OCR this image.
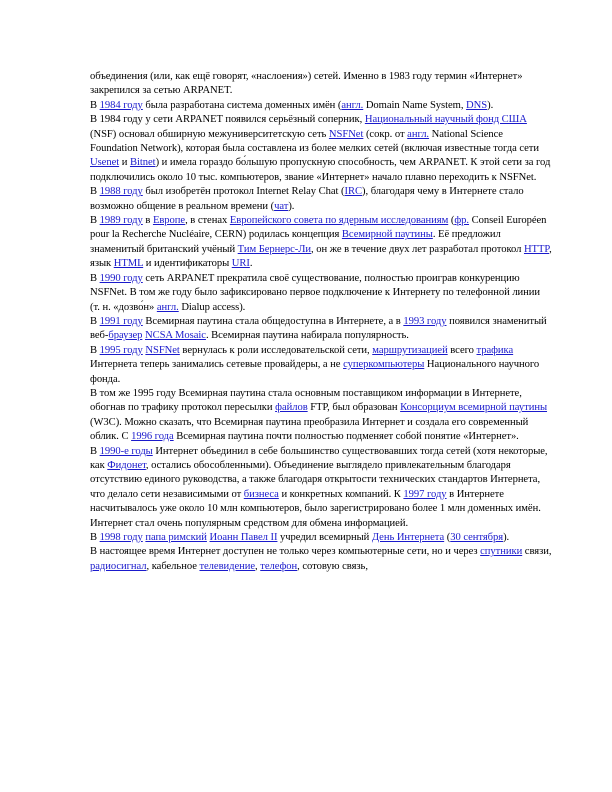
объединения (или, как ещё говорят, «наслоения») сетей. Именно в 1983 году термин «Интернет» закрепился за сетью ARPANET.

В 1984 году была разработана система доменных имён (англ. Domain Name System, DNS).

В 1984 году у сети ARPANET появился серьёзный соперник, Национальный научный фонд США (NSF) основал обширную межуниверситетскую сеть NSFNet (сокр. от англ. National Science Foundation Network), которая была составлена из более мелких сетей (включая известные тогда сети Usenet и Bitnet) и имела гораздо бо́льшую пропускную способность, чем ARPANET. К этой сети за год подключились около 10 тыс. компьютеров, звание «Интернет» начало плавно переходить к NSFNet.

В 1988 году был изобретён протокол Internet Relay Chat (IRC), благодаря чему в Интернете стало возможно общение в реальном времени (чат).

В 1989 году в Европе, в стенах Европейского совета по ядерным исследованиям (фр. Conseil Européen pour la Recherche Nucléaire, CERN) родилась концепция Всемирной паутины. Её предложил знаменитый британский учёный Тим Бернерс-Ли, он же в течение двух лет разработал протокол HTTP, язык HTML и идентификаторы URI.

В 1990 году сеть ARPANET прекратила своё существование, полностью проиграв конкуренцию NSFNet. В том же году было зафиксировано первое подключение к Интернету по телефонной линии (т. н. «дозво́н» англ. Dialup access).

В 1991 году Всемирная паутина стала общедоступна в Интернете, а в 1993 году появился знаменитый веб-браузер NCSA Mosaic. Всемирная паутина набирала популярность.

В 1995 году NSFNet вернулась к роли исследовательской сети, маршрутизацией всего трафика Интернета теперь занимались сетевые провайдеры, а не суперкомпьютеры Национального научного фонда.

В том же 1995 году Всемирная паутина стала основным поставщиком информации в Интернете, обогнав по трафику протокол пересылки файлов FTP, был образован Консорциум всемирной паутины (W3C). Можно сказать, что Всемирная паутина преобразила Интернет и создала его современный облик. С 1996 года Всемирная паутина почти полностью подменяет собой понятие «Интернет».

В 1990-е годы Интернет объединил в себе большинство существовавших тогда сетей (хотя некоторые, как Фидонет, остались обособленными). Объединение выглядело привлекательным благодаря отсутствию единого руководства, а также благодаря открытости технических стандартов Интернета, что делало сети независимыми от бизнеса и конкретных компаний. К 1997 году в Интернете насчитывалось уже около 10 млн компьютеров, было зарегистрировано более 1 млн доменных имён. Интернет стал очень популярным средством для обмена информацией.

В 1998 году папа римский Иоанн Павел II учредил всемирный День Интернета (30 сентября).

В настоящее время Интернет доступен не только через компьютерные сети, но и через спутники связи, радиосигнал, кабельное телевидение, телефон, сотовую связь,
